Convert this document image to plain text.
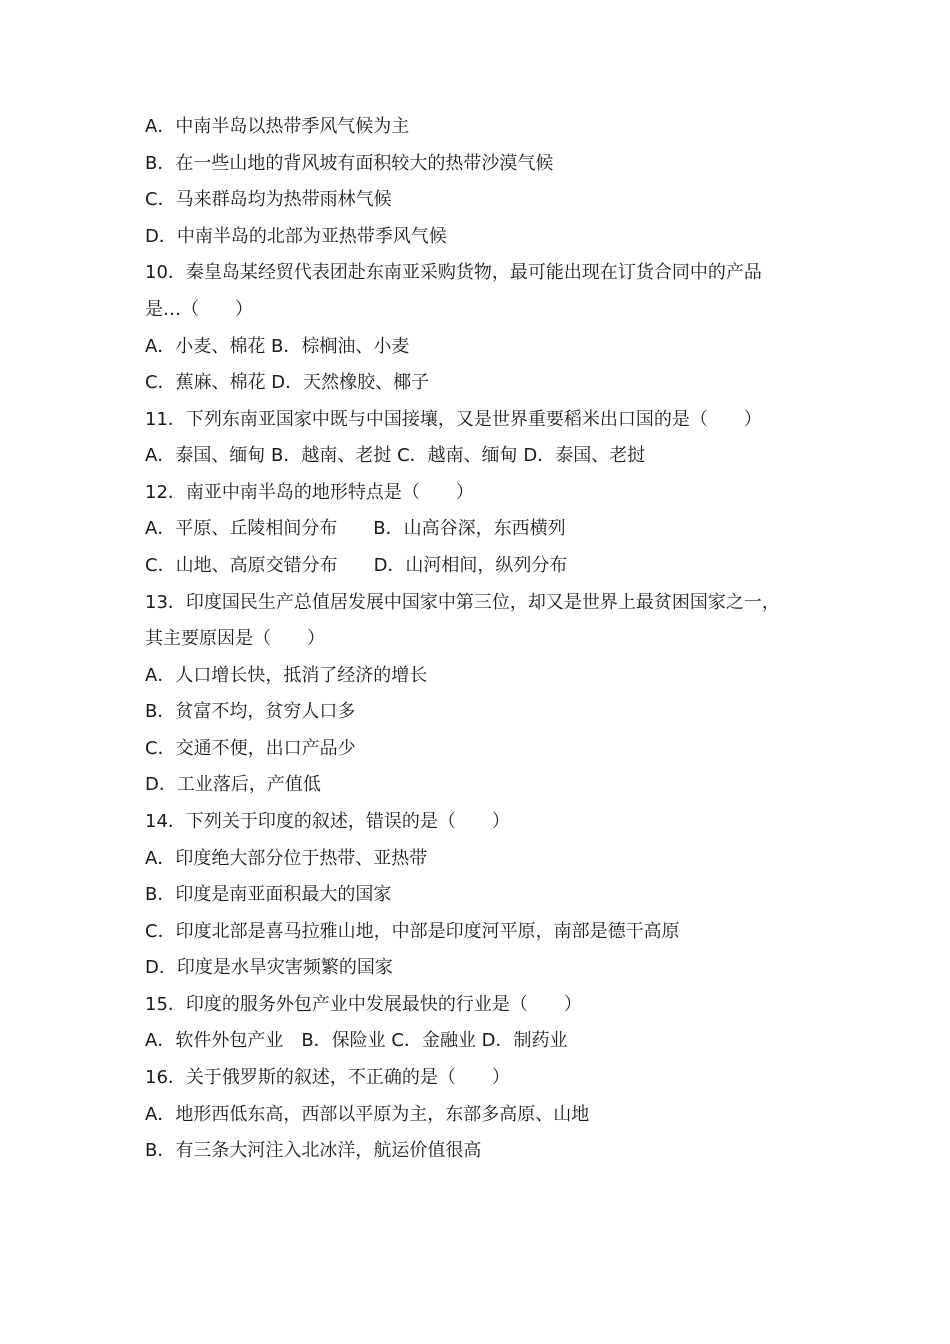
A．中南半岛以热带季风气候为主
B．在一些山地的背风坡有面积较大的热带沙漠气候
C．马来群岛均为热带雨林气候
D．中南半岛的北部为亚热带季风气候
10．秦皇岛某经贸代表团赴东南亚采购货物，最可能出现在订货合同中的产品
是…（　　）
A．小麦、棉花 B．棕榈油、小麦
C．蕉麻、棉花 D．天然橡胶、椰子
11．下列东南亚国家中既与中国接壤，又是世界重要稻米出口国的是（　　）
A．泰国、缅甸 B．越南、老挝 C．越南、缅甸 D．泰国、老挝
12．南亚中南半岛的地形特点是（　　）
A．平原、丘陵相间分布　　B．山高谷深，东西横列
C．山地、高原交错分布　　D．山河相间，纵列分布
13．印度国民生产总值居发展中国家中第三位，却又是世界上最贫困国家之一，
其主要原因是（　　）
A．人口增长快，抵消了经济的增长
B．贫富不均，贫穷人口多
C．交通不便，出口产品少
D．工业落后，产值低
14．下列关于印度的叙述，错误的是（　　）
A．印度绝大部分位于热带、亚热带
B．印度是南亚面积最大的国家
C．印度北部是喜马拉雅山地，中部是印度河平原，南部是德干高原
D．印度是水旱灾害频繁的国家
15．印度的服务外包产业中发展最快的行业是（　　）
A．软件外包产业　B．保险业 C．金融业 D．制药业
16．关于俄罗斯的叙述，不正确的是（　　）
A．地形西低东高，西部以平原为主，东部多高原、山地
B．有三条大河注入北冰洋，航运价值很高
